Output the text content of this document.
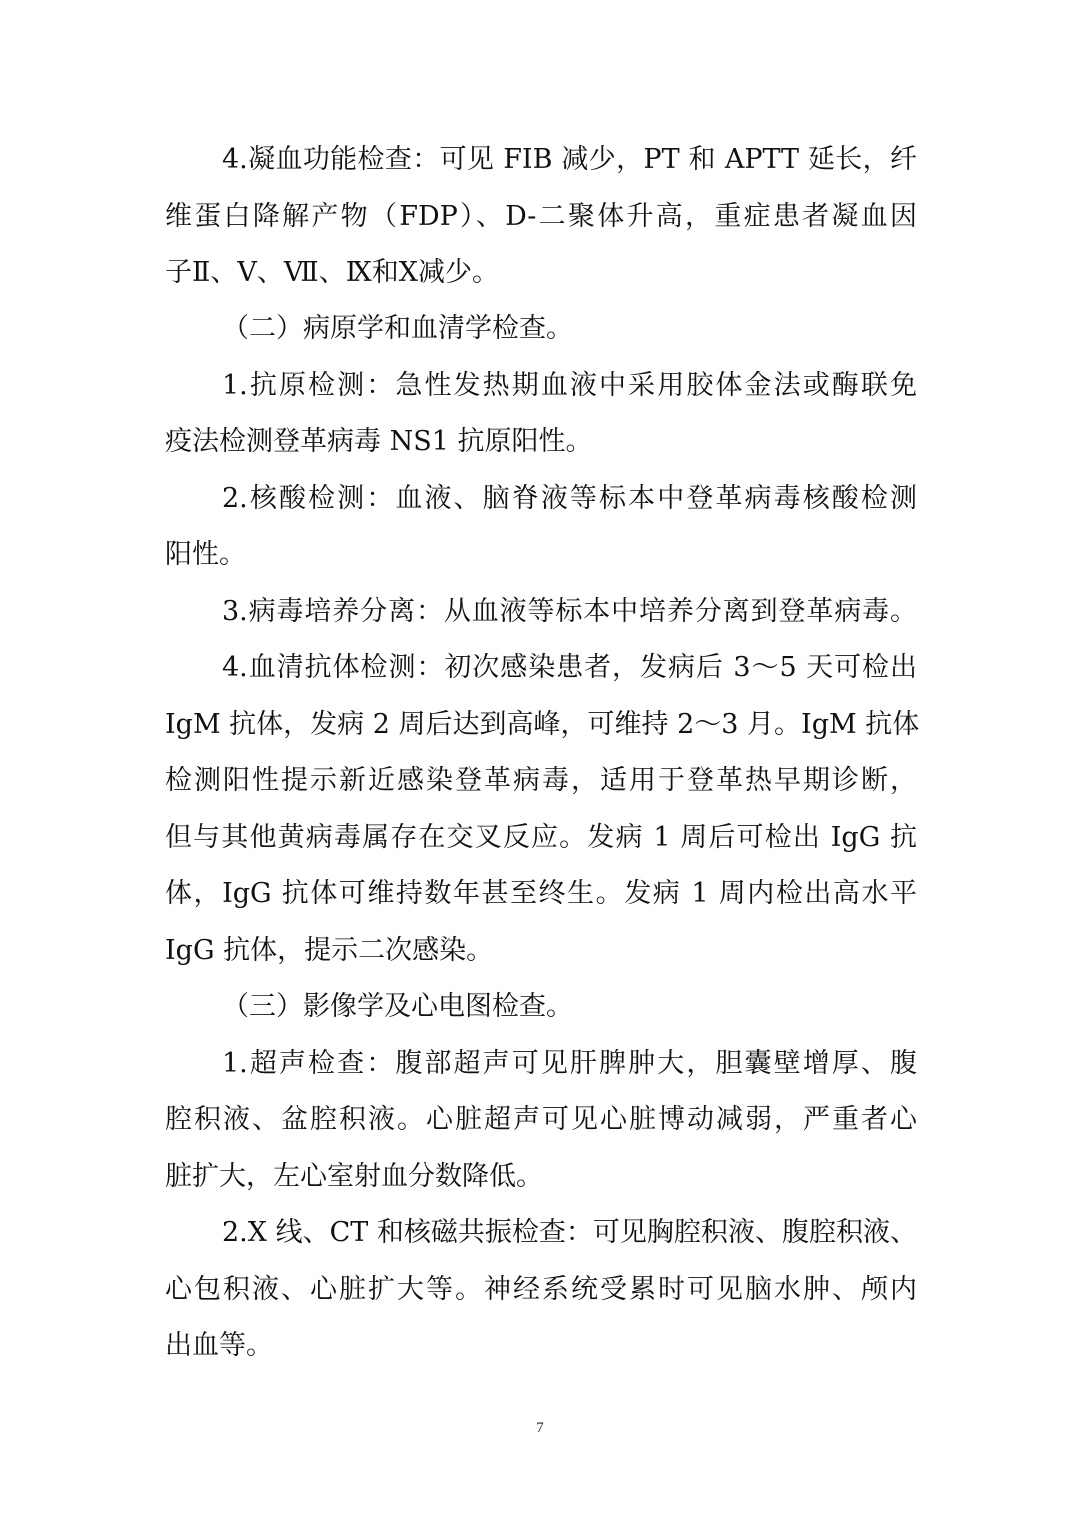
4.凝血功能检查：可见 FIB 减少，PT 和 APTT 延长，纤
维蛋白降解产物（FDP）、D-二聚体升高，重症患者凝血因
子Ⅱ、Ⅴ、Ⅶ、Ⅸ和Ⅹ减少。
（二）病原学和血清学检查。
1.抗原检测：急性发热期血液中采用胶体金法或酶联免
疫法检测登革病毒 NS1 抗原阳性。
2.核酸检测：血液、脑脊液等标本中登革病毒核酸检测
阳性。
3.病毒培养分离：从血液等标本中培养分离到登革病毒。
4.血清抗体检测：初次感染患者，发病后 3～5 天可检出
IgM 抗体，发病 2 周后达到高峰，可维持 2～3 月。IgM 抗体
检测阳性提示新近感染登革病毒，适用于登革热早期诊断，
但与其他黄病毒属存在交叉反应。发病 1 周后可检出 IgG 抗
体，IgG 抗体可维持数年甚至终生。发病 1 周内检出高水平
IgG 抗体，提示二次感染。
（三）影像学及心电图检查。
1.超声检查：腹部超声可见肝脾肿大，胆囊壁增厚、腹
腔积液、盆腔积液。心脏超声可见心脏博动减弱，严重者心
脏扩大，左心室射血分数降低。
2.X 线、CT 和核磁共振检查：可见胸腔积液、腹腔积液、
心包积液、心脏扩大等。神经系统受累时可见脑水肿、颅内
出血等。
7
